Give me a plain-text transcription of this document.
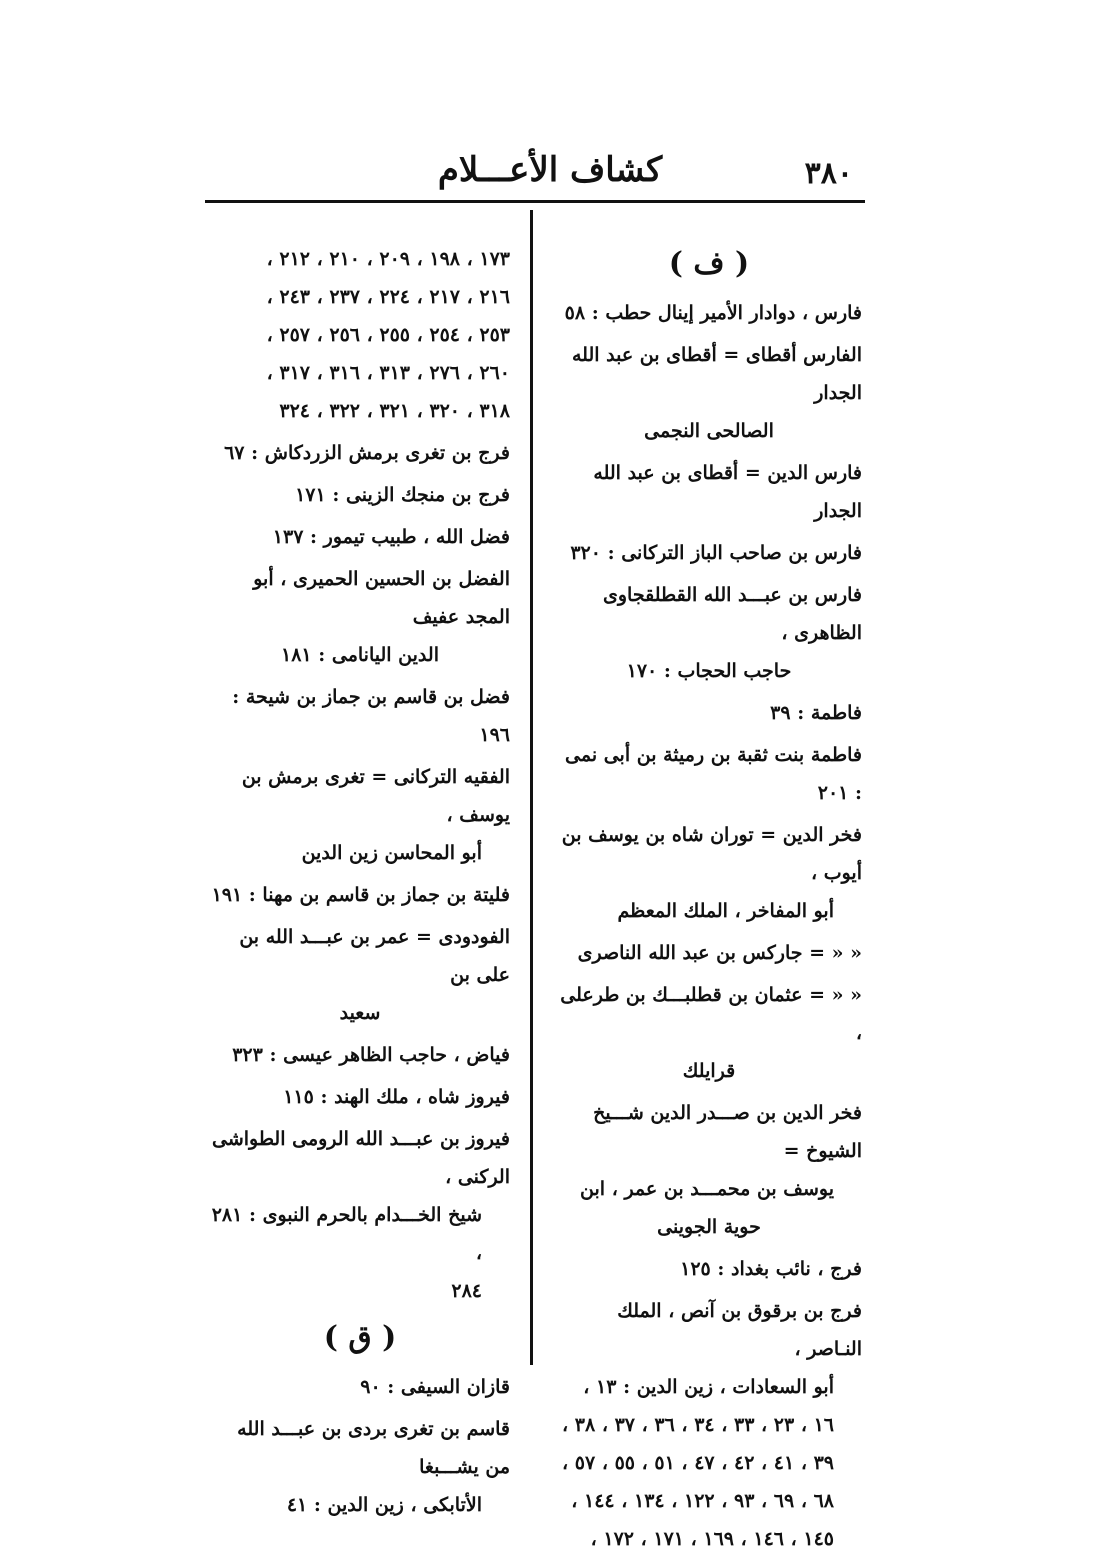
كشاف الأعـــلام	٣٨٠
( ف )
فارس ، دوادار الأمير إينال حطب : ٥٨
الفارس أقطاى = أقطاى بن عبد الله الجدار
الصالحى النجمى
فارس الدين = أقطاى بن عبد الله الجدار
فارس بن صاحب الباز التركانى : ٣٢٠
فارس بن عبـــد الله القطلقجاوى الظاهرى ،
حاجب الحجاب : ١٧٠
فاطمة : ٣٩
فاطمة بنت ثقبة بن رميثة بن أبى نمى : ٢٠١
فخر الدين = توران شاه بن يوسف بن أيوب ،
أبو المفاخر ، الملك المعظم
« « = جاركس بن عبد الله الناصرى
« « = عثمان بن قطلبـــك بن طرعلى ،
قرايلك
فخر الدين بن صـــدر الدين شـــيخ الشيوخ =
يوسف بن محمـــد بن عمر ، ابن
حوية الجوينى
فرج ، نائب بغداد : ١٢٥
فرج بن برقوق بن آنص ، الملك النـاصر ،
أبو السعادات ، زين الدين : ١٣ ،
١٦ ، ٢٣ ، ٣٣ ، ٣٤ ، ٣٦ ، ٣٧ ، ٣٨ ،
٣٩ ، ٤١ ، ٤٢ ، ٤٧ ، ٥١ ، ٥٥ ، ٥٧ ،
٦٨ ، ٦٩ ، ٩٣ ، ١٢٢ ، ١٣٤ ، ١٤٤ ،
١٤٥ ، ١٤٦ ، ١٦٩ ، ١٧١ ، ١٧٢ ،
١٧٣ ، ١٩٨ ، ٢٠٩ ، ٢١٠ ، ٢١٢ ،
٢١٦ ، ٢١٧ ، ٢٢٤ ، ٢٣٧ ، ٢٤٣ ،
٢٥٣ ، ٢٥٤ ، ٢٥٥ ، ٢٥٦ ، ٢٥٧ ،
٢٦٠ ، ٢٧٦ ، ٣١٣ ، ٣١٦ ، ٣١٧ ،
٣١٨ ، ٣٢٠ ، ٣٢١ ، ٣٢٢ ، ٣٢٤
فرج بن تغرى برمش الزردكاش : ٦٧
فرج بن منجك الزينى : ١٧١
فضل الله ، طبيب تيمور : ١٣٧
الفضل بن الحسين الحميرى ، أبو المجد عفيف
الدين اليانامى : ١٨١
فضل بن قاسم بن جماز بن شيحة : ١٩٦
الفقيه التركانى = تغرى برمش بن يوسف ،
أبو المحاسن زين الدين
فليتة بن جماز بن قاسم بن مهنا : ١٩١
الفودودى = عمر بن عبـــد الله بن على بن
سعيد
فياض ، حاجب الظاهر عيسى : ٣٢٣
فيروز شاه ، ملك الهند : ١١٥
فيروز بن عبـــد الله الرومى الطواشى الركنى ،
شيخ الخـــدام بالحرم النبوى : ٢٨١ ،
٢٨٤
( ق )
قازان السيفى : ٩٠
قاسم بن تغرى بردى بن عبـــد الله من يشـــبغا
الأتابكى ، زين الدين : ٤١
